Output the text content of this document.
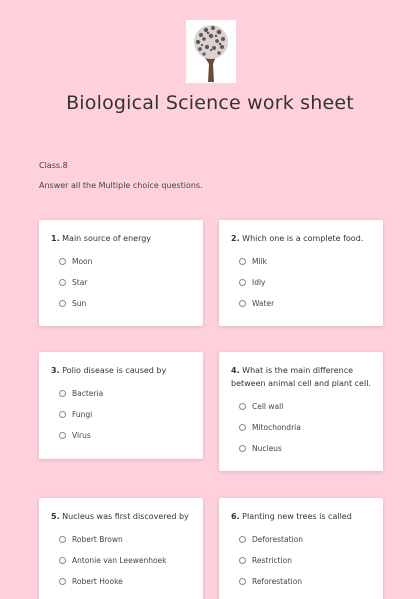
Biological Science work sheet
Class.8
Answer all the Multiple choice questions.
1. Main source of energy
Moon
Star
Sun
2. Which one is a complete food.
Milk
Idly
Water
3. Polio disease is caused by
Bacteria
Fungi
Virus
4. What is the main difference between animal cell and plant cell.
Cell wall
Mitochondria
Nucleus
5. Nucleus was first discovered by
Robert Brown
Antonie van Leewenhoek
Robert Hooke
6. Planting new trees is called
Deforestation
Restriction
Reforestation
